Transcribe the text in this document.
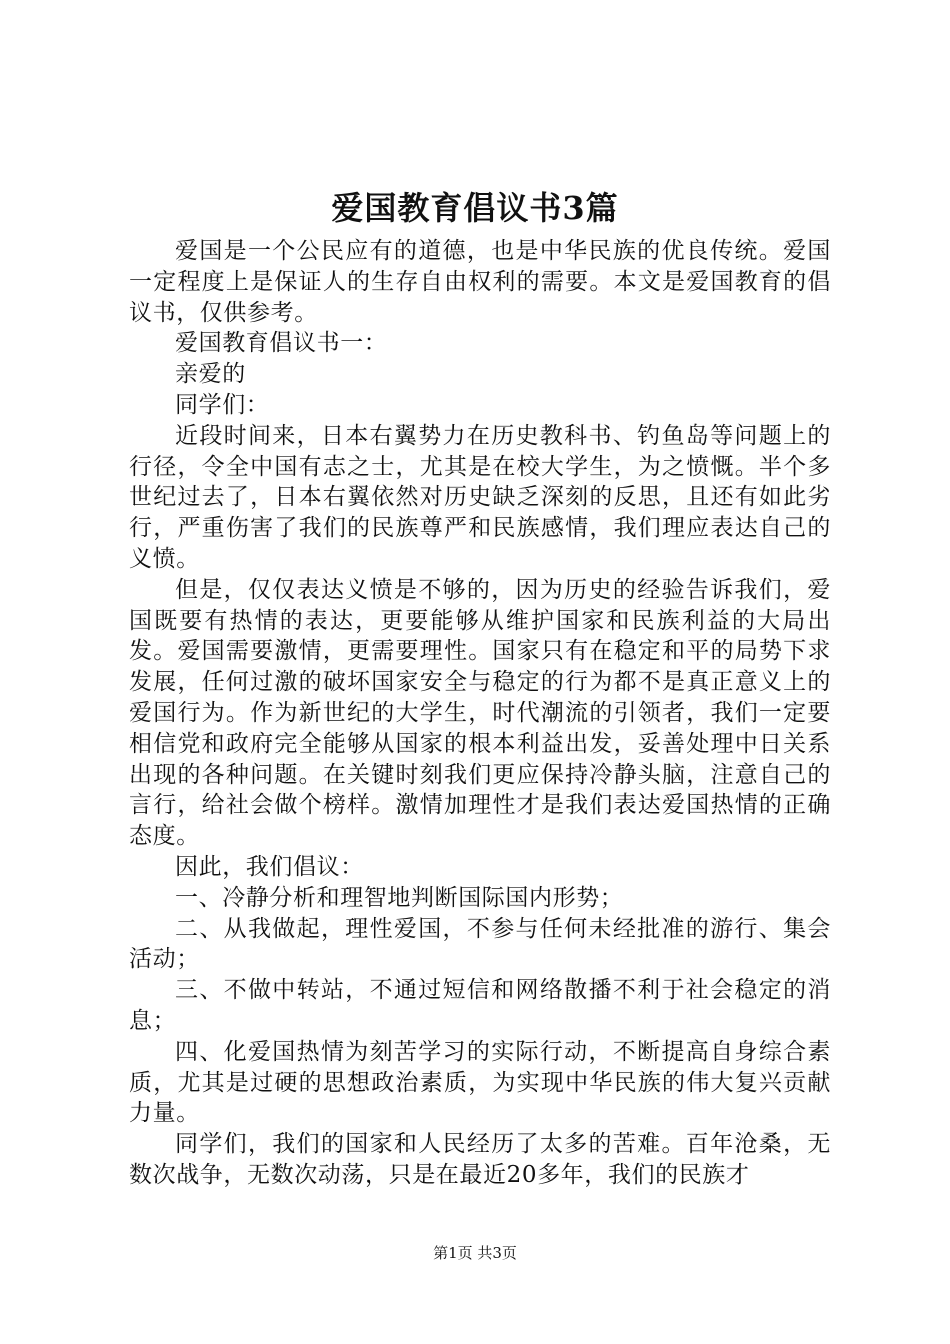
爱国教育倡议书3篇

爱国是一个公民应有的道德，也是中华民族的优良传统。爱国一定程度上是保证人的生存自由权利的需要。本文是爱国教育的倡议书，仅供参考。

爱国教育倡议书一：

亲爱的

同学们：

近段时间来，日本右翼势力在历史教科书、钓鱼岛等问题上的行径，令全中国有志之士，尤其是在校大学生，为之愤慨。半个多世纪过去了，日本右翼依然对历史缺乏深刻的反思，且还有如此劣行，严重伤害了我们的民族尊严和民族感情，我们理应表达自己的义愤。

但是，仅仅表达义愤是不够的，因为历史的经验告诉我们，爱国既要有热情的表达，更要能够从维护国家和民族利益的大局出发。爱国需要激情，更需要理性。国家只有在稳定和平的局势下求发展，任何过激的破坏国家安全与稳定的行为都不是真正意义上的爱国行为。作为新世纪的大学生，时代潮流的引领者，我们一定要相信党和政府完全能够从国家的根本利益出发，妥善处理中日关系出现的各种问题。在关键时刻我们更应保持冷静头脑，注意自己的言行，给社会做个榜样。激情加理性才是我们表达爱国热情的正确态度。

因此，我们倡议：

一、冷静分析和理智地判断国际国内形势；

二、从我做起，理性爱国，不参与任何未经批准的游行、集会活动；

三、不做中转站，不通过短信和网络散播不利于社会稳定的消息；

四、化爱国热情为刻苦学习的实际行动，不断提高自身综合素质，尤其是过硬的思想政治素质，为实现中华民族的伟大复兴贡献力量。

同学们，我们的国家和人民经历了太多的苦难。百年沧桑，无数次战争，无数次动荡，只是在最近20多年，我们的民族才

第1页 共3页
